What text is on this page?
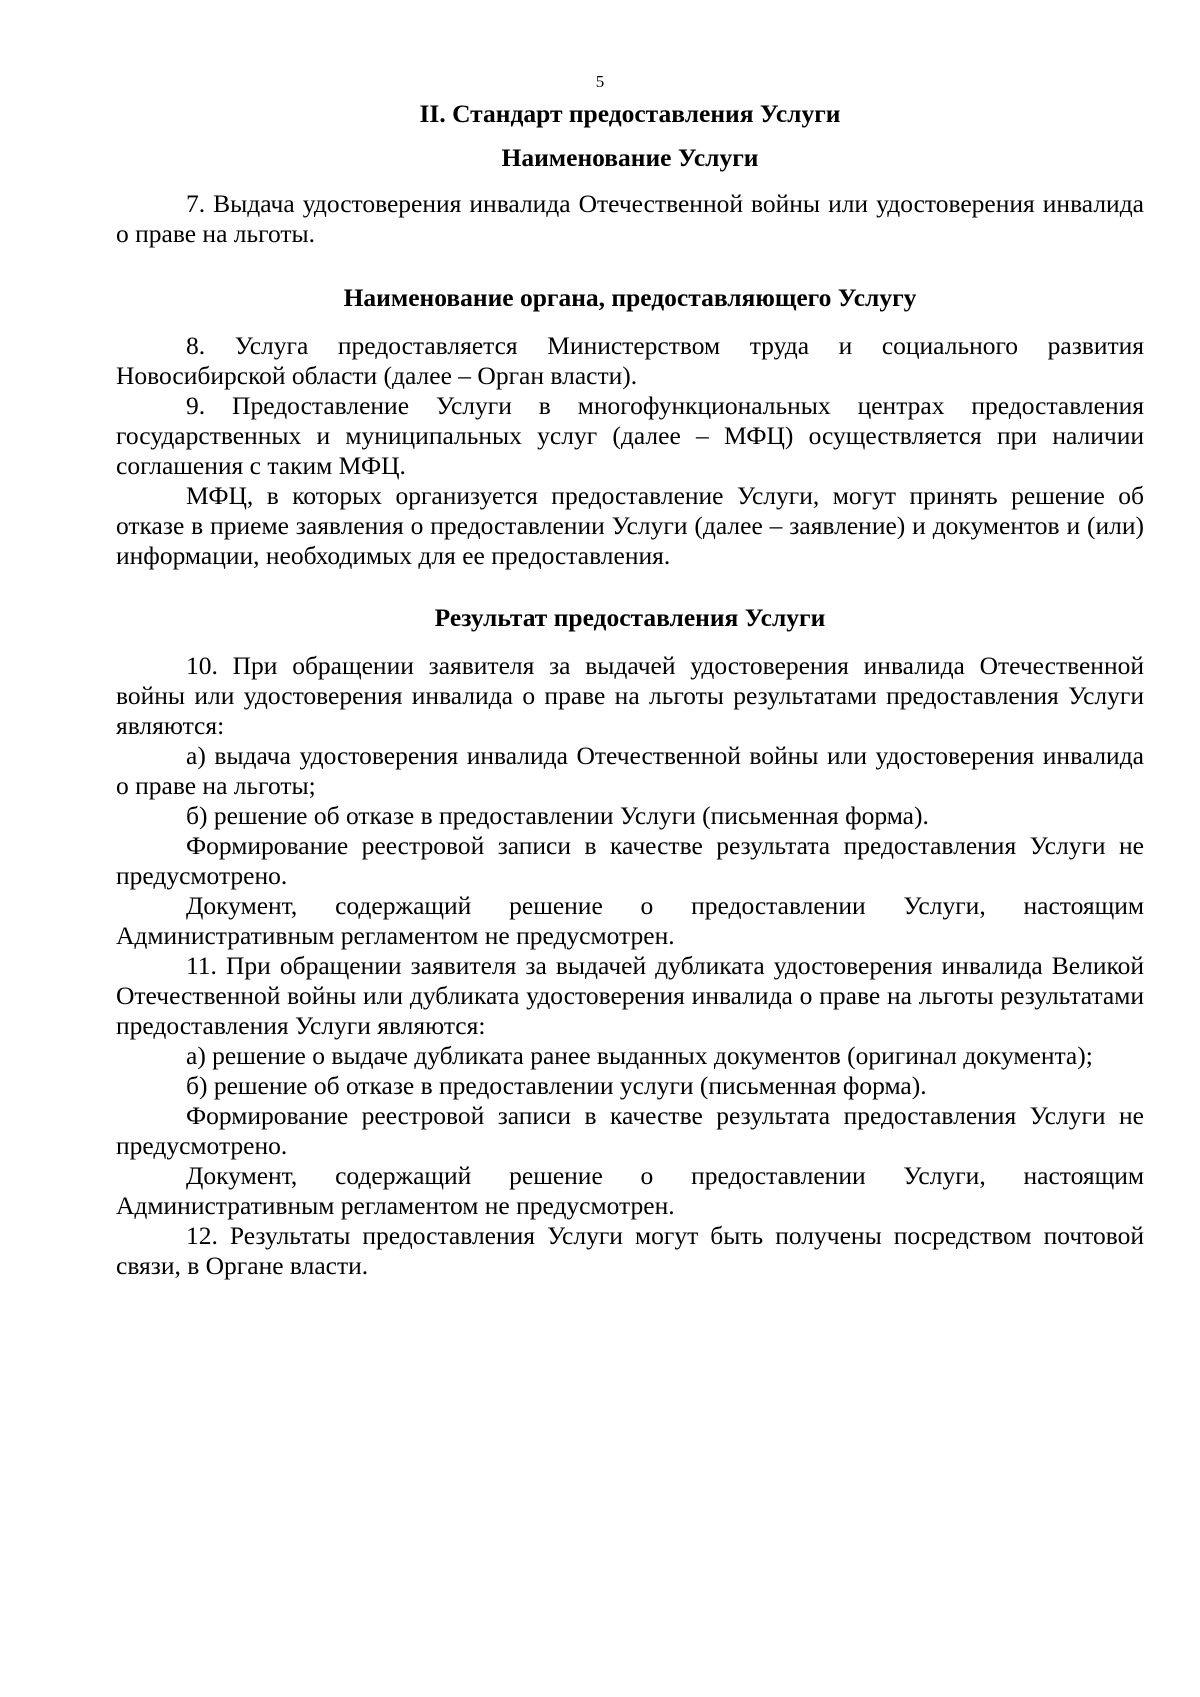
5
II. Стандарт предоставления Услуги
Наименование Услуги
7. Выдача удостоверения инвалида Отечественной войны или удостоверения инвалида о праве на льготы.
Наименование органа, предоставляющего Услугу
8. Услуга предоставляется Министерством труда и социального развития Новосибирской области (далее – Орган власти).
9. Предоставление Услуги в многофункциональных центрах предоставления государственных и муниципальных услуг (далее – МФЦ) осуществляется при наличии соглашения с таким МФЦ.
МФЦ, в которых организуется предоставление Услуги, могут принять решение об отказе в приеме заявления о предоставлении Услуги (далее – заявление) и документов и (или) информации, необходимых для ее предоставления.
Результат предоставления Услуги
10. При обращении заявителя за выдачей удостоверения инвалида Отечественной войны или удостоверения инвалида о праве на льготы результатами предоставления Услуги являются:
а) выдача удостоверения инвалида Отечественной войны или удостоверения инвалида о праве на льготы;
б) решение об отказе в предоставлении Услуги (письменная форма).
Формирование реестровой записи в качестве результата предоставления Услуги не предусмотрено.
Документ, содержащий решение о предоставлении Услуги, настоящим Административным регламентом не предусмотрен.
11. При обращении заявителя за выдачей дубликата удостоверения инвалида Великой Отечественной войны или дубликата удостоверения инвалида о праве на льготы результатами предоставления Услуги являются:
а) решение о выдаче дубликата ранее выданных документов (оригинал документа);
б) решение об отказе в предоставлении услуги (письменная форма).
Формирование реестровой записи в качестве результата предоставления Услуги не предусмотрено.
Документ, содержащий решение о предоставлении Услуги, настоящим Административным регламентом не предусмотрен.
12. Результаты предоставления Услуги могут быть получены посредством почтовой связи, в Органе власти.
